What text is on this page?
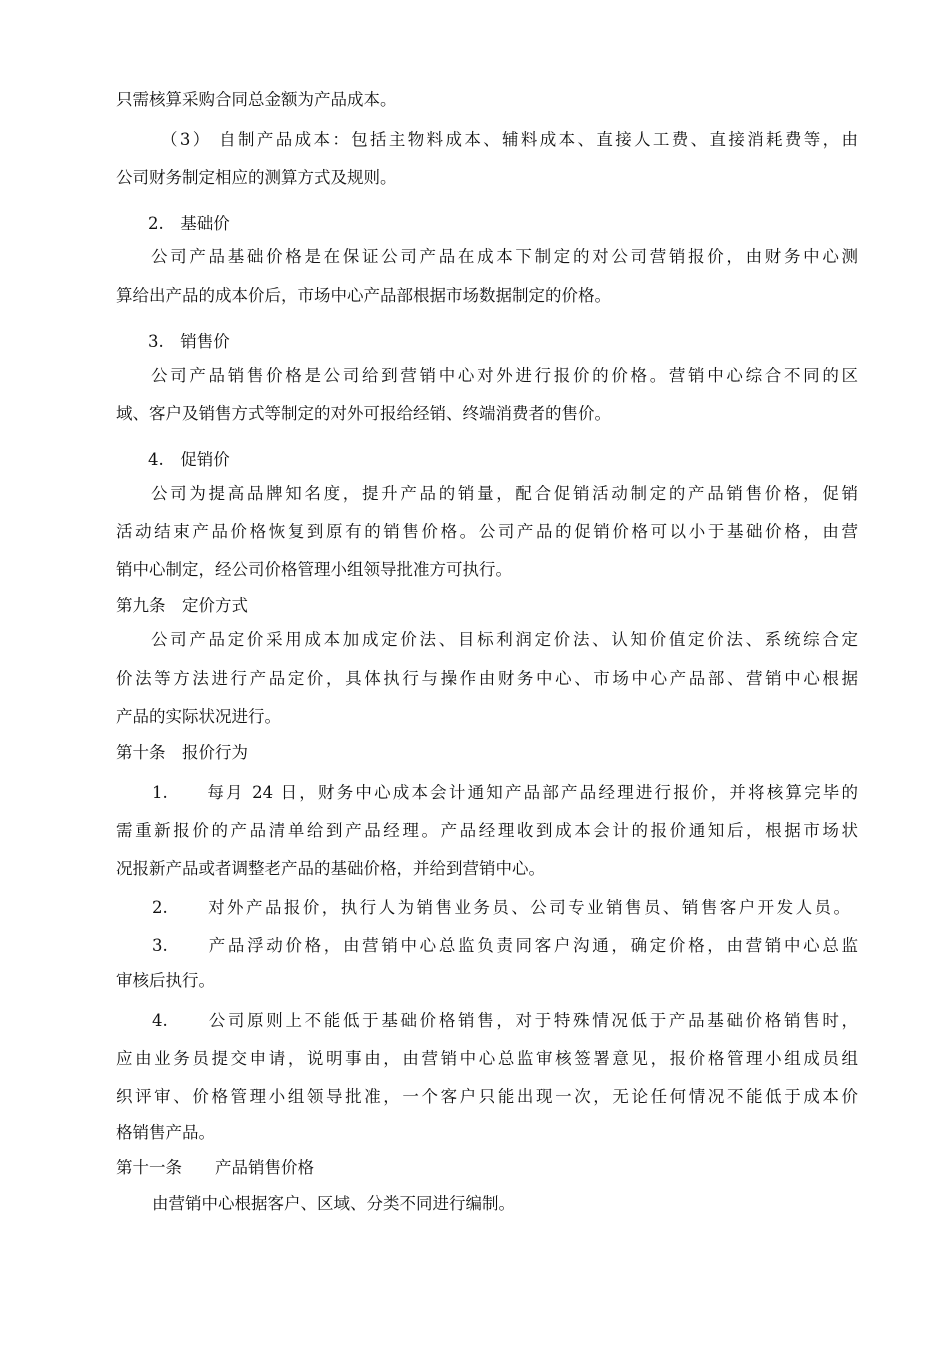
只需核算采购合同总金额为产品成本。
（3） 自制产品成本：包括主物料成本、辅料成本、直接人工费、直接消耗费等，由
公司财务制定相应的测算方式及规则。
2.　基础价
公司产品基础价格是在保证公司产品在成本下制定的对公司营销报价，由财务中心测
算给出产品的成本价后，市场中心产品部根据市场数据制定的价格。
3.　销售价
公司产品销售价格是公司给到营销中心对外进行报价的价格。营销中心综合不同的区
域、客户及销售方式等制定的对外可报给经销、终端消费者的售价。
4.　促销价
公司为提高品牌知名度，提升产品的销量，配合促销活动制定的产品销售价格，促销
活动结束产品价格恢复到原有的销售价格。公司产品的促销价格可以小于基础价格，由营
销中心制定，经公司价格管理小组领导批准方可执行。
第九条　定价方式
公司产品定价采用成本加成定价法、目标利润定价法、认知价值定价法、系统综合定
价法等方法进行产品定价，具体执行与操作由财务中心、市场中心产品部、营销中心根据
产品的实际状况进行。
第十条　报价行为
1.　　每月 24 日，财务中心成本会计通知产品部产品经理进行报价，并将核算完毕的
需重新报价的产品清单给到产品经理。产品经理收到成本会计的报价通知后，根据市场状
况报新产品或者调整老产品的基础价格，并给到营销中心。
2.　　对外产品报价，执行人为销售业务员、公司专业销售员、销售客户开发人员。
3.　　产品浮动价格，由营销中心总监负责同客户沟通，确定价格，由营销中心总监
审核后执行。
4.　　公司原则上不能低于基础价格销售，对于特殊情况低于产品基础价格销售时，
应由业务员提交申请，说明事由，由营销中心总监审核签署意见，报价格管理小组成员组
织评审、价格管理小组领导批准，一个客户只能出现一次，无论任何情况不能低于成本价
格销售产品。
第十一条　　产品销售价格
由营销中心根据客户、区域、分类不同进行编制。
